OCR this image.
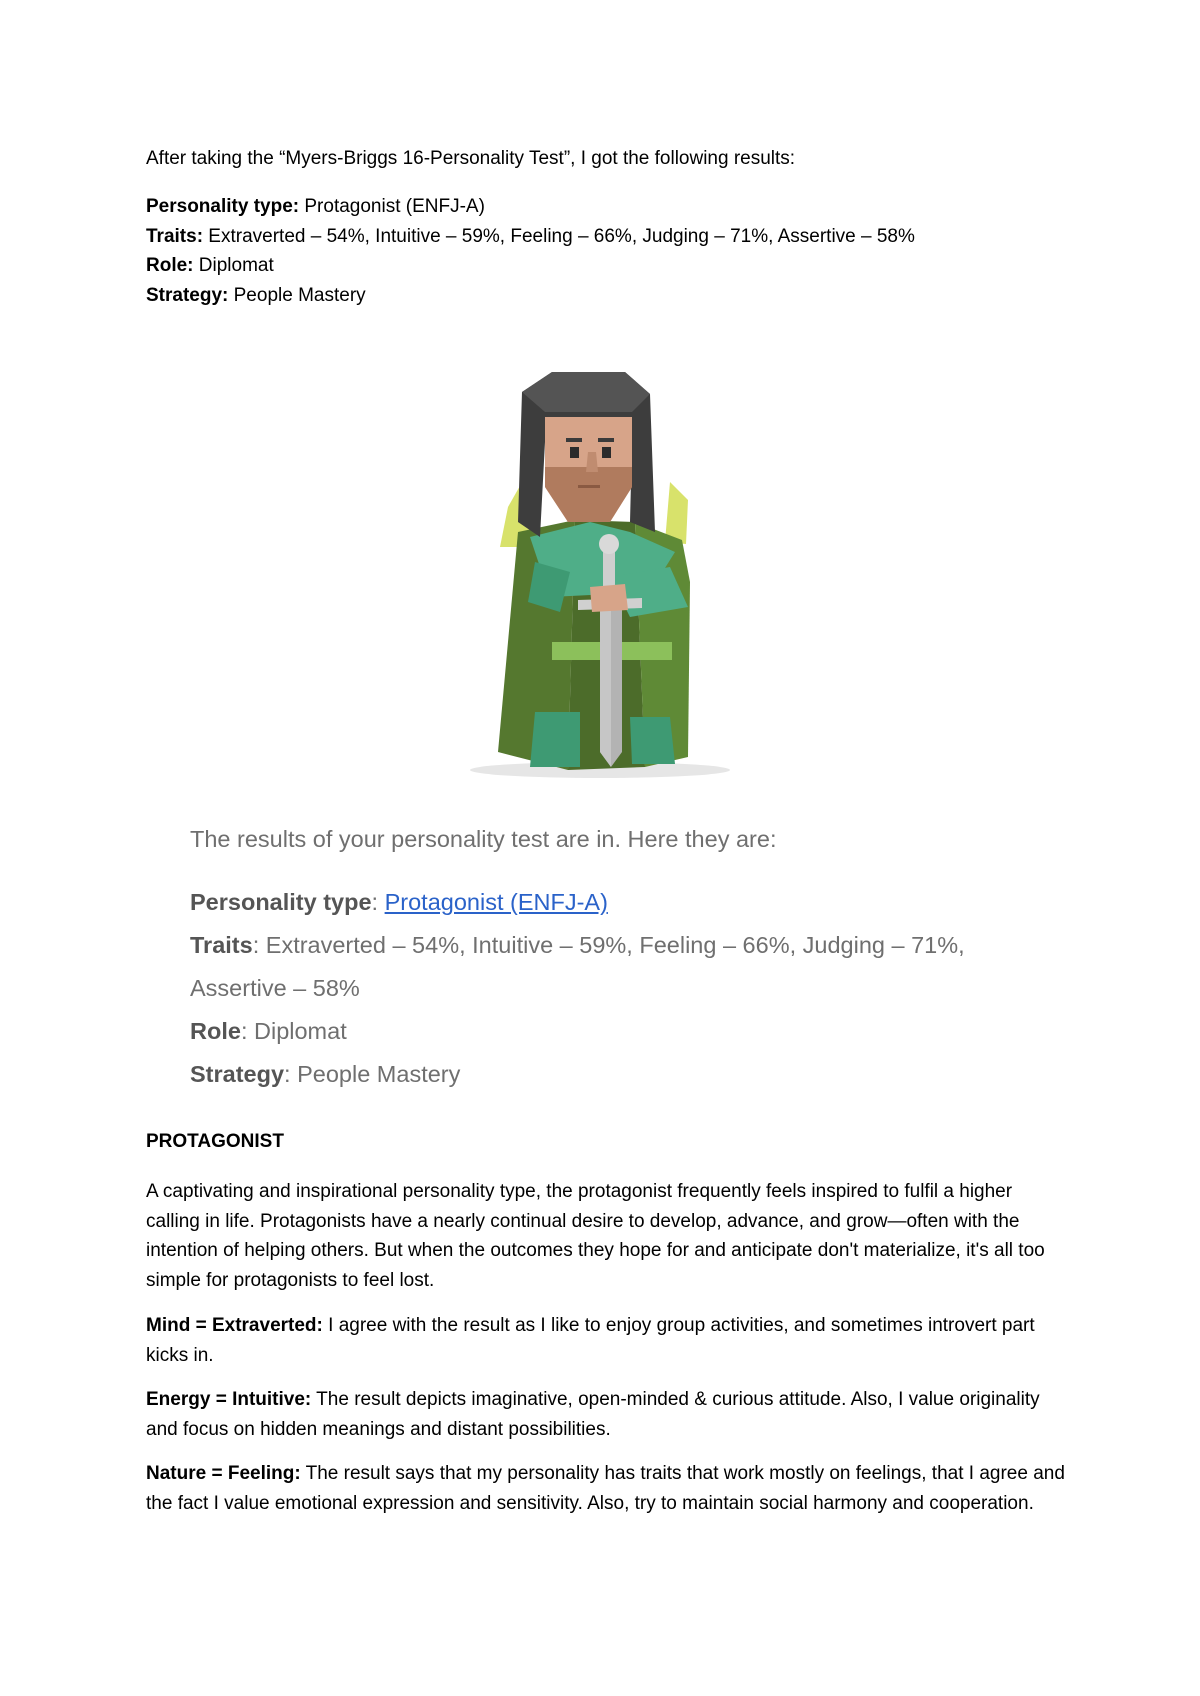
After taking the “Myers-Briggs 16-Personality Test”, I got the following results:

Personality type: Protagonist (ENFJ-A)
Traits: Extraverted – 54%, Intuitive – 59%, Feeling – 66%, Judging – 71%, Assertive – 58%
Role: Diplomat
Strategy: People Mastery

The results of your personality test are in. Here they are:

Personality type: Protagonist (ENFJ-A)
Traits: Extraverted – 54%, Intuitive – 59%, Feeling – 66%, Judging – 71%,
Assertive – 58%
Role: Diplomat
Strategy: People Mastery

PROTAGONIST

A captivating and inspirational personality type, the protagonist frequently feels inspired to fulfil a higher calling in life. Protagonists have a nearly continual desire to develop, advance, and grow—often with the intention of helping others. But when the outcomes they hope for and anticipate don't materialize, it's all too simple for protagonists to feel lost.

Mind = Extraverted: I agree with the result as I like to enjoy group activities, and sometimes introvert part kicks in.

Energy = Intuitive: The result depicts imaginative, open-minded & curious attitude. Also, I value originality and focus on hidden meanings and distant possibilities.

Nature = Feeling: The result says that my personality has traits that work mostly on feelings, that I agree and the fact I value emotional expression and sensitivity. Also, try to maintain social harmony and cooperation.
